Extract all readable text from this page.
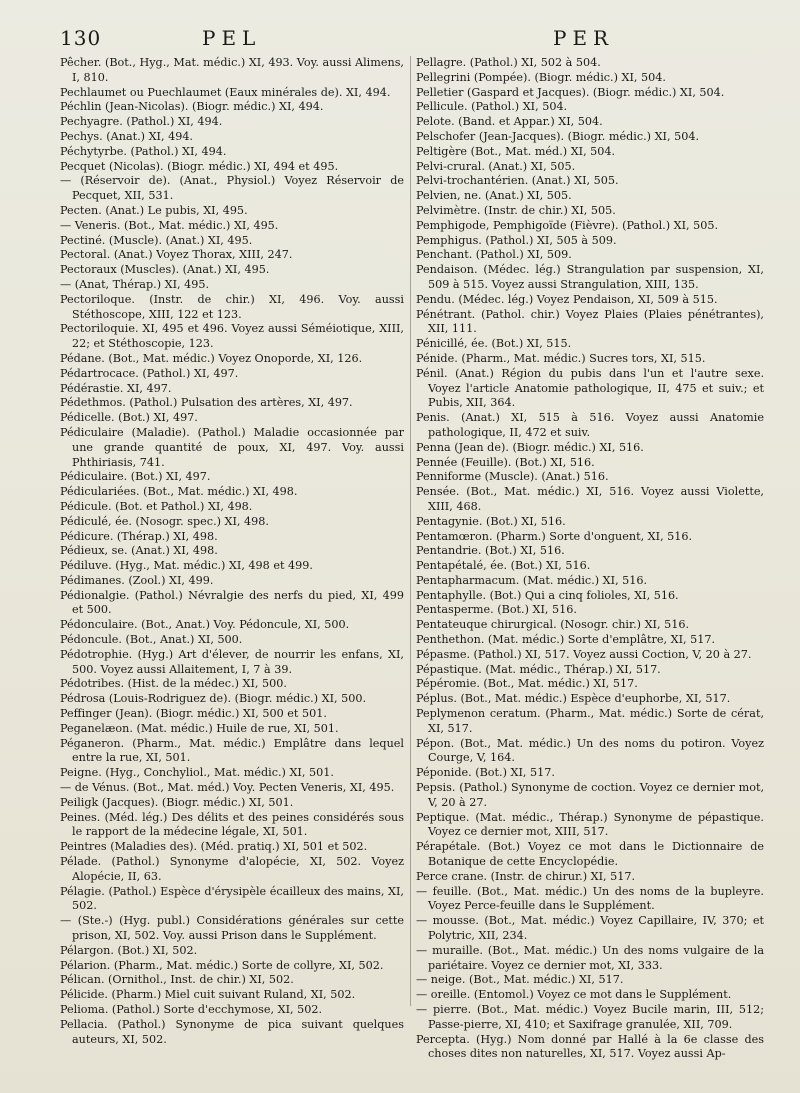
130	PEL	PER
Pêcher. (Bot., Hyg., Mat. médic.) XI, 493. Voy. aussi Alimens, I, 810.
Pechlaumet ou Puechlaumet (Eaux minérales de). XI, 494.
Péchlin (Jean-Nicolas). (Biogr. médic.) XI, 494.
Pechyagre. (Pathol.) XI, 494.
Pechys. (Anat.) XI, 494.
Péchytyrbe. (Pathol.) XI, 494.
Pecquet (Nicolas). (Biogr. médic.) XI, 494 et 495.
— (Réservoir de). (Anat., Physiol.) Voyez Réservoir de Pecquet, XII, 531.
Pecten. (Anat.) Le pubis, XI, 495.
— Veneris. (Bot., Mat. médic.) XI, 495.
Pectiné. (Muscle). (Anat.) XI, 495.
Pectoral. (Anat.) Voyez Thorax, XIII, 247.
Pectoraux (Muscles). (Anat.) XI, 495.
— (Anat, Thérap.) XI, 495.
Pectoriloque. (Instr. de chir.) XI, 496. Voy. aussi Stéthoscope, XIII, 122 et 123.
Pectoriloquie. XI, 495 et 496. Voyez aussi Séméiotique, XIII, 22; et Stéthoscopie, 123.
Pédane. (Bot., Mat. médic.) Voyez Onoporde, XI, 126.
Pédartrocace. (Pathol.) XI, 497.
Pédérastie. XI, 497.
Pédethmos. (Pathol.) Pulsation des artères, XI, 497.
Pédicelle. (Bot.) XI, 497.
Pédiculaire (Maladie). (Pathol.) Maladie occasionnée par une grande quantité de poux, XI, 497. Voy. aussi Phthiriasis, 741.
Pédiculaire. (Bot.) XI, 497.
Pédiculariées. (Bot., Mat. médic.) XI, 498.
Pédicule. (Bot. et Pathol.) XI, 498.
Pédiculé, ée. (Nosogr. spec.) XI, 498.
Pédicure. (Thérap.) XI, 498.
Pédieux, se. (Anat.) XI, 498.
Pédiluve. (Hyg., Mat. médic.) XI, 498 et 499.
Pédimanes. (Zool.) XI, 499.
Pédionalgie. (Pathol.) Névralgie des nerfs du pied, XI, 499 et 500.
Pédonculaire. (Bot., Anat.) Voy. Pédoncule, XI, 500.
Pédoncule. (Bot., Anat.) XI, 500.
Pédotrophie. (Hyg.) Art d'élever, de nourrir les enfans, XI, 500. Voyez aussi Allaitement, I, 7 à 39.
Pédotribes. (Hist. de la médec.) XI, 500.
Pédrosa (Louis-Rodriguez de). (Biogr. médic.) XI, 500.
Peffinger (Jean). (Biogr. médic.) XI, 500 et 501.
Peganelæon. (Mat. médic.) Huile de rue, XI, 501.
Péganeron. (Pharm., Mat. médic.) Emplâtre dans lequel entre la rue, XI, 501.
Peigne. (Hyg., Conchyliol., Mat. médic.) XI, 501.
— de Vénus. (Bot., Mat. méd.) Voy. Pecten Veneris, XI, 495.
Peiligk (Jacques). (Biogr. médic.) XI, 501.
Peines. (Méd. lég.) Des délits et des peines considérés sous le rapport de la médecine légale, XI, 501.
Peintres (Maladies des). (Méd. pratiq.) XI, 501 et 502.
Pélade. (Pathol.) Synonyme d'alopécie, XI, 502. Voyez Alopécie, II, 63.
Pélagie. (Pathol.) Espèce d'érysipèle écailleux des mains, XI, 502.
— (Ste.-) (Hyg. publ.) Considérations générales sur cette prison, XI, 502. Voy. aussi Prison dans le Supplément.
Pélargon. (Bot.) XI, 502.
Pélarion. (Pharm., Mat. médic.) Sorte de collyre, XI, 502.
Pélican. (Ornithol., Inst. de chir.) XI, 502.
Pélicide. (Pharm.) Miel cuit suivant Ruland, XI, 502.
Pelioma. (Pathol.) Sorte d'ecchymose, XI, 502.
Pellacia. (Pathol.) Synonyme de pica suivant quelques auteurs, XI, 502.
Pellagre. (Pathol.) XI, 502 à 504.
Pellegrini (Pompée). (Biogr. médic.) XI, 504.
Pelletier (Gaspard et Jacques). (Biogr. médic.) XI, 504.
Pellicule. (Pathol.) XI, 504.
Pelote. (Band. et Appar.) XI, 504.
Pelschofer (Jean-Jacques). (Biogr. médic.) XI, 504.
Peltigère (Bot., Mat. méd.) XI, 504.
Pelvi-crural. (Anat.) XI, 505.
Pelvi-trochantérien. (Anat.) XI, 505.
Pelvien, ne. (Anat.) XI, 505.
Pelvimètre. (Instr. de chir.) XI, 505.
Pemphigode, Pemphigoïde (Fièvre). (Pathol.) XI, 505.
Pemphigus. (Pathol.) XI, 505 à 509.
Penchant. (Pathol.) XI, 509.
Pendaison. (Médec. lég.) Strangulation par suspension, XI, 509 à 515. Voyez aussi Strangulation, XIII, 135.
Pendu. (Médec. lég.) Voyez Pendaison, XI, 509 à 515.
Pénétrant. (Pathol. chir.) Voyez Plaies (Plaies pénétrantes), XII, 111.
Pénicillé, ée. (Bot.) XI, 515.
Pénide. (Pharm., Mat. médic.) Sucres tors, XI, 515.
Pénil. (Anat.) Région du pubis dans l'un et l'autre sexe. Voyez l'article Anatomie pathologique, II, 475 et suiv.; et Pubis, XII, 364.
Penis. (Anat.) XI, 515 à 516. Voyez aussi Anatomie pathologique, II, 472 et suiv.
Penna (Jean de). (Biogr. médic.) XI, 516.
Pennée (Feuille). (Bot.) XI, 516.
Penniforme (Muscle). (Anat.) 516.
Pensée. (Bot., Mat. médic.) XI, 516. Voyez aussi Violette, XIII, 468.
Pentagynie. (Bot.) XI, 516.
Pentamœron. (Pharm.) Sorte d'onguent, XI, 516.
Pentandrie. (Bot.) XI, 516.
Pentapétalé, ée. (Bot.) XI, 516.
Pentapharmacum. (Mat. médic.) XI, 516.
Pentaphylle. (Bot.) Qui a cinq folioles, XI, 516.
Pentasperme. (Bot.) XI, 516.
Pentateuque chirurgical. (Nosogr. chir.) XI, 516.
Penthethon. (Mat. médic.) Sorte d'emplâtre, XI, 517.
Pépasme. (Pathol.) XI, 517. Voyez aussi Coction, V, 20 à 27.
Pépastique. (Mat. médic., Thérap.) XI, 517.
Pépéromie. (Bot., Mat. médic.) XI, 517.
Péplus. (Bot., Mat. médic.) Espèce d'euphorbe, XI, 517.
Peplymenon ceratum. (Pharm., Mat. médic.) Sorte de cérat, XI, 517.
Pépon. (Bot., Mat. médic.) Un des noms du potiron. Voyez Courge, V, 164.
Péponide. (Bot.) XI, 517.
Pepsis. (Pathol.) Synonyme de coction. Voyez ce dernier mot, V, 20 à 27.
Peptique. (Mat. médic., Thérap.) Synonyme de pépastique. Voyez ce dernier mot, XIII, 517.
Pérapétale. (Bot.) Voyez ce mot dans le Dictionnaire de Botanique de cette Encyclopédie.
Perce crane. (Instr. de chirur.) XI, 517.
— feuille. (Bot., Mat. médic.) Un des noms de la bupleyre. Voyez Perce-feuille dans le Supplément.
— mousse. (Bot., Mat. médic.) Voyez Capillaire, IV, 370; et Polytric, XII, 234.
— muraille. (Bot., Mat. médic.) Un des noms vulgaire de la pariétaire. Voyez ce dernier mot, XI, 333.
— neige. (Bot., Mat. médic.) XI, 517.
— oreille. (Entomol.) Voyez ce mot dans le Supplément.
— pierre. (Bot., Mat. médic.) Voyez Bucile marin, III, 512; Passe-pierre, XI, 410; et Saxifrage granulée, XII, 709.
Percepta. (Hyg.) Nom donné par Hallé à la 6e classe des choses dites non naturelles, XI, 517. Voyez aussi Ap-
